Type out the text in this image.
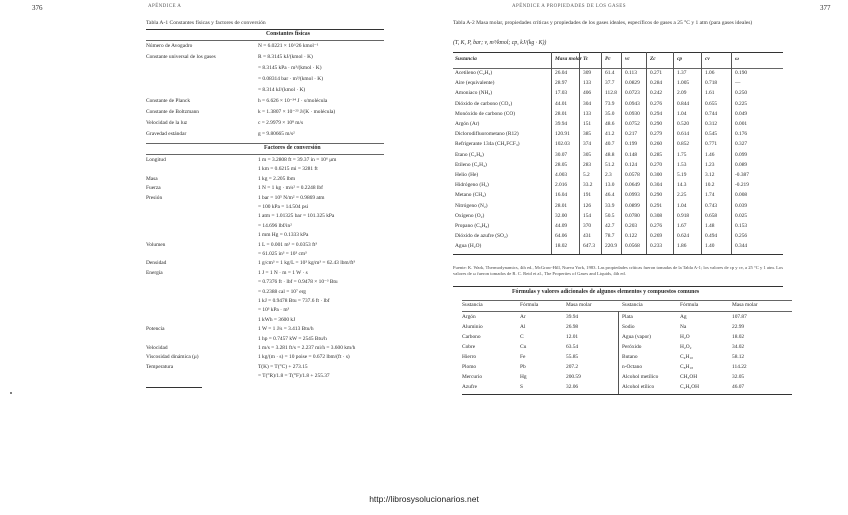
376	APÉNDICE A
Tabla A-1 Constantes físicas y factores de conversión
Constantes físicas
Número de Avogadro	N = 6.0221 × 10^26 kmol⁻¹
Constante universal de los gases	R = 8.3145 kJ/(kmol · K)
= 8.3145 kPa · m³/(kmol · K)
= 0.08314 bar · m³/(kmol · K)
= 8.314 kJ/(kmol · K)
Constante de Planck	h = 6.626 × 10⁻³⁴ J · s/molécula
Constante de Boltzmann	k = 1.3807 × 10⁻²³ J/(K · molécula)
Velocidad de la luz	c = 2.9979 × 10⁸ m/s
Gravedad estándar	g = 9.80665 m/s²
Factores de conversión
Longitud	1 m = 3.2808 ft = 39.37 in = 10⁶ μm
1 km = 0.6215 mi = 3281 ft
Masa	1 kg = 2.205 lbm
Fuerza	1 N = 1 kg · m/s² = 0.2248 lbf
Presión	1 bar = 10⁵ N/m² = 0.9869 atm
= 100 kPa = 14.504 psi
1 atm = 1.01325 bar = 101.325 kPa
= 14.696 lbf/in²
1 mm Hg = 0.1333 kPa
Volumen	1 L = 0.001 m³ = 0.0353 ft³
= 61.025 in³ = 10³ cm³
Densidad	1 g/cm³ = 1 kg/L = 10³ kg/m³ = 62.43 lbm/ft³
Energía	1 J = 1 N · m = 1 W · s
= 0.7376 ft · lbf = 0.9478 × 10⁻³ Btu
= 0.2388 cal = 10⁷ erg
1 kJ = 0.9478 Btu = 737.6 ft · lbf
= 10³ kPa · m³
1 kWh = 3600 kJ
Potencia	1 W = 1 J/s = 3.413 Btu/h
1 hp = 0.7457 kW = 2545 Btu/h
Velocidad	1 m/s = 3.281 ft/s = 2.237 mi/h = 3.600 km/h
Viscosidad dinámica (μ)	1 kg/(m · s) = 10 poise = 0.672 lbm/(ft · s)
Temperatura	T(K) = T(°C) + 273.15
= T(°R)/1.8 = T(°F)/1.8 + 255.37
377
APÉNDICE A PROPIEDADES DE LOS GASES
Tabla A-2 Masa molar, propiedades críticas y propiedades de los gases ideales, específicos de gases a 25 °C y 1 atm (para gases ideales)
(T, K, P, bar; v, m³/kmol; cp, kJ/(kg · K))
Sustancia	Masa molar Tc	Pc	vc	Zc	cp	cv	ω
Acetileno (C₂H₂)	26.04	309	61.4	0.113	0.271	1.37	1.06	0.190
Aire (equivalente)	28.97	133	37.7	0.0829	0.284	1.005	0.718	—
Amoniaco (NH₃)	17.03	406	112.8	0.0723	0.242	2.09	1.61	0.250
Dióxido de carbono (CO₂)	44.01	304	73.9	0.0943	0.276	0.844	0.655	0.225
Monóxido de carbono (CO)	28.01	133	35.0	0.0930	0.294	1.04	0.744	0.049
Argón (Ar)	39.94	151	48.6	0.0752	0.290	0.520	0.312	0.001
Diclorodifluorometano (R12)	120.91	385	41.2	0.217	0.279	0.614	0.545	0.176
Refrigerante 134a (CH₂FCF₃)	102.03	374	40.7	0.199	0.260	0.852	0.771	0.327
Etano (C₂H₆)	30.07	305	48.8	0.148	0.285	1.75	1.46	0.099
Etileno (C₂H₄)	28.05	283	51.2	0.124	0.270	1.53	1.23	0.089
Helio (He)	4.003	5.2	2.3	0.0578	0.300	5.19	3.12	-0.387
Hidrógeno (H₂)	2.016	33.2	13.0	0.0649	0.304	14.3	10.2	-0.219
Metano (CH₄)	16.04	191	46.4	0.0993	0.290	2.25	1.74	0.008
Nitrógeno (N₂)	28.01	126	33.9	0.0899	0.291	1.04	0.743	0.039
Oxígeno (O₂)	32.00	154	50.5	0.0780	0.308	0.918	0.658	0.025
Propano (C₃H₈)	44.09	370	42.7	0.203	0.276	1.67	1.48	0.153
Dióxido de azufre (SO₂)	64.06	431	78.7	0.122	0.269	0.624	0.494	0.256
Agua (H₂O)	18.02	647.3	220.9	0.0568	0.233	1.86	1.40	0.344
Fuente: K. Wark, Thermodynamics, 4th ed., McGraw-Hill, Nueva York, 1983. Las propiedades críticas fueron tomadas de la Tabla A-1; los valores de cp y cv, a 25 °C y 1 atm. Los valores de ω fueron tomados de R. C. Reid et al., The Properties of Gases and Liquids, 4th ed.
Fórmulas y valores adicionales de algunos elementos y compuestos comunes
Sustancia	Fórmula	Masa molar	Sustancia	Fórmula	Masa molar
Argón	Ar	39.94	Plata	Ag	107.87
Aluminio	Al	26.98	Sodio	Na	22.99
Carbono	C	12.01	Agua (vapor)	H₂O	18.02
Cobre	Cu	63.54	Peróxido	H₂O₂	34.02
Hierro	Fe	55.85	Butano	C₄H₁₀	58.12
Plomo	Pb	207.2	n-Octano	C₈H₁₈	114.22
Mercurio	Hg	200.59	Alcohol metílico	CH₃OH	32.05
Azufre	S	32.06	Alcohol etílico	C₂H₅OH	46.07
http://librosysolucionarios.net
